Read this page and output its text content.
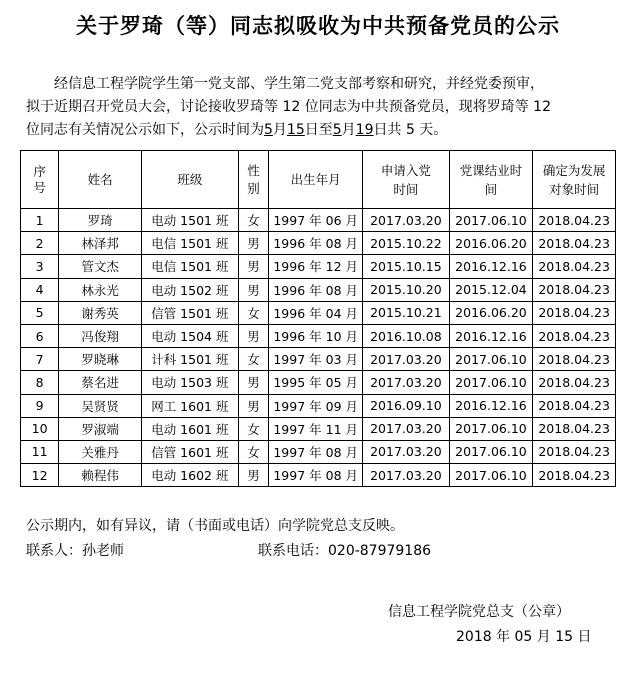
关于罗琦（等）同志拟吸收为中共预备党员的公示
经信息工程学院学生第一党支部、学生第二党支部考察和研究，并经党委预审，
拟于近期召开党员大会，讨论接收罗琦等 12 位同志为中共预备党员，现将罗琦等 12
位同志有关情况公示如下，公示时间为5月15日至5月19日共 5 天。
序号	姓名	班级	性别	出生年月	申请入党时间	党课结业时间	确定为发展对象时间

1	罗琦	电动 1501 班	女	1997 年 06 月	2017.03.20	2017.06.10	2018.04.23
2	林泽邦	电信 1501 班	男	1996 年 08 月	2015.10.22	2016.06.20	2018.04.23
3	管文杰	电信 1501 班	男	1996 年 12 月	2015.10.15	2016.12.16	2018.04.23
4	林永光	电动 1502 班	男	1996 年 08 月	2015.10.20	2015.12.04	2018.04.23
5	谢秀英	信管 1501 班	女	1996 年 04 月	2015.10.21	2016.06.20	2018.04.23
6	冯俊翔	电动 1504 班	男	1996 年 10 月	2016.10.08	2016.12.16	2018.04.23
7	罗晓琳	计科 1501 班	女	1997 年 03 月	2017.03.20	2017.06.10	2018.04.23
8	蔡名进	电动 1503 班	男	1995 年 05 月	2017.03.20	2017.06.10	2018.04.23
9	吴贤贤	网工 1601 班	男	1997 年 09 月	2016.09.10	2016.12.16	2018.04.23
10	罗淑端	电动 1601 班	女	1997 年 11 月	2017.03.20	2017.06.10	2018.04.23
11	关雅丹	信管 1601 班	女	1997 年 08 月	2017.03.20	2017.06.10	2018.04.23
12	赖程伟	电动 1602 班	男	1997 年 08 月	2017.03.20	2017.06.10	2018.04.23
公示期内，如有异议，请（书面或电话）向学院党总支反映。
联系人：孙老师	联系电话：020-87979186
信息工程学院党总支（公章）
2018 年 05 月 15 日
